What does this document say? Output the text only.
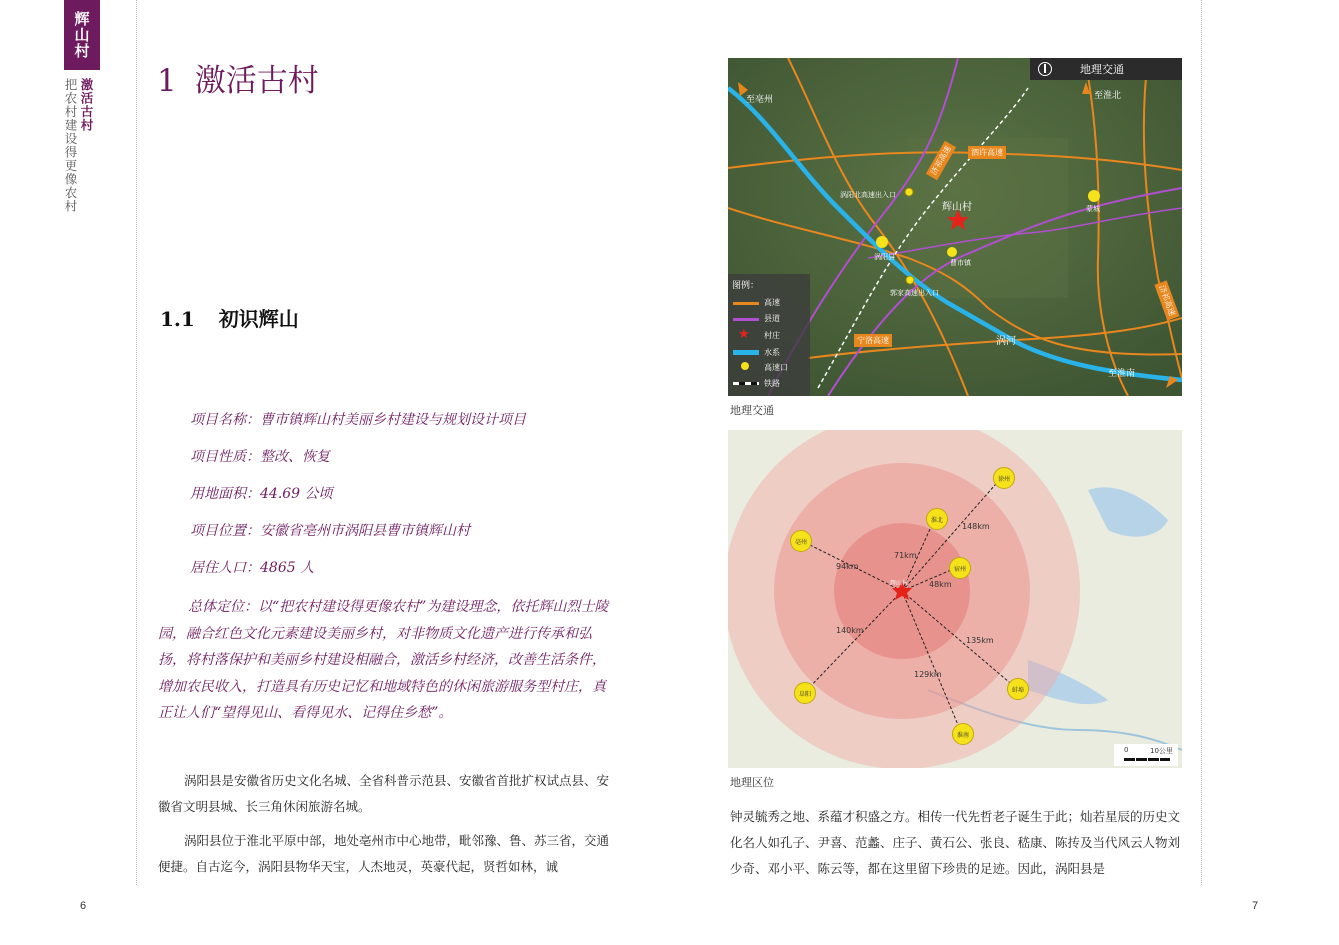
辉山村
激活古村
把农村建设得更像农村	1 激活古村
1.1 初识辉山
项目名称：曹市镇辉山村美丽乡村建设与规划设计项目
项目性质：整改、恢复
用地面积：44.69 公顷
项目位置：安徽省亳州市涡阳县曹市镇辉山村
居住人口：4865 人

总体定位：以“把农村建设得更像农村”为建设理念，依托辉山烈士陵园，融合红色文化元素建设美丽乡村，对非物质文化遗产进行传承和弘扬，将村落保护和美丽乡村建设相融合，激活乡村经济，改善生活条件，增加农民收入，打造具有历史记忆和地域特色的休闲旅游服务型村庄，真正让人们“望得见山、看得见水、记得住乡愁”。

涡阳县是安徽省历史文化名城、全省科普示范县、安徽省首批扩权试点县、安徽省文明县城、长三角休闲旅游名城。

涡阳县位于淮北平原中部，地处亳州市中心地带，毗邻豫、鲁、苏三省，交通便捷。自古迄今，涡阳县物华天宝，人杰地灵，英豪代起，贤哲如林，诚

钟灵毓秀之地、系蕴才积盛之方。相传一代先哲老子诞生于此；灿若星辰的历史文化名人如孔子、尹喜、范蠡、庄子、黄石公、张良、嵇康、陈抟及当代风云人物刘少奇、邓小平、陈云等，都在这里留下珍贵的足迹。因此，涡阳县是

6	7
地理交通
至亳州	至淮北
至淮南
辉山村
涡阳北高速出入口
涡阳县
曹市镇
郭家高速出入口
蒙城
涡河
泗许高速
济祁高速
宁洛高速
济祁高速
图例：
高速
县道
★ 村庄
水系
高速口
铁路
地理交通
徐州
淮北
宿州
亳州
阜阳
蚌埠
淮南
辉山村
148km
71km
48km
94km
140km
135km
129km
0	10公里
地理区位
